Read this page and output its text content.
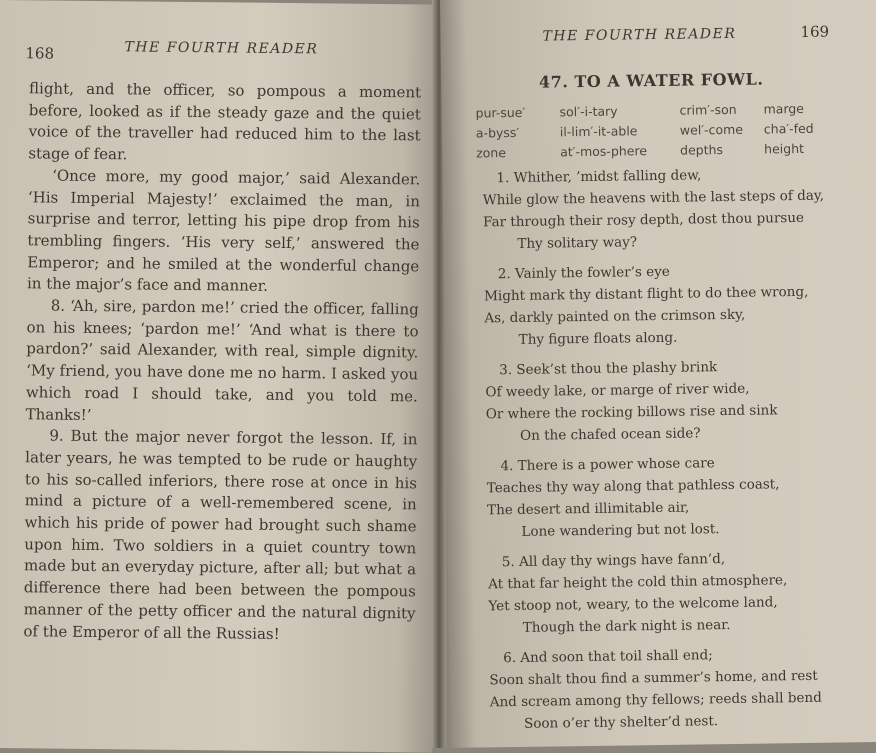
168	THE FOURTH READER

flight, and the officer, so pompous a moment before, looked as if the steady gaze and the quiet voice of the traveller had reduced him to the last stage of fear.

‘Once more, my good major,’ said Alexander. ‘His Imperial Majesty!’ exclaimed the man, in surprise and terror, letting his pipe drop from his trembling fingers. ‘His very self,’ answered the Emperor; and he smiled at the wonderful change in the major’s face and manner.

8. ‘Ah, sire, pardon me!’ cried the officer, falling on his knees; ‘pardon me!’ ‘And what is there to pardon?’ said Alexander, with real, simple dignity. ‘My friend, you have done me no harm. I asked you which road I should take, and you told me. Thanks!’

9. But the major never forgot the lesson. If, in later years, he was tempted to be rude or haughty to his so-called inferiors, there rose at once in his mind a picture of a well-remembered scene, in which his pride of power had brought such shame upon him. Two soldiers in a quiet country town made but an everyday picture, after all; but what a difference there had been between the pompous manner of the petty officer and the natural dignity of the Emperor of all the Russias!

THE FOURTH READER	169
47. TO A WATER FOWL.
pur-sue′
a-byss′
zone
sol′-i-tary
il-lim′-it-able
at′-mos-phere
crim′-son
wel′-come
depths
marge
cha′-fed
height
1. Whither, ’midst falling dew,
While glow the heavens with the last steps of day,
Far through their rosy depth, dost thou pursue
Thy solitary way?
2. Vainly the fowler’s eye
Might mark thy distant flight to do thee wrong,
As, darkly painted on the crimson sky,
Thy figure floats along.
3. Seek’st thou the plashy brink
Of weedy lake, or marge of river wide,
Or where the rocking billows rise and sink
On the chafed ocean side?
4. There is a power whose care
Teaches thy way along that pathless coast,
The desert and illimitable air,
Lone wandering but not lost.
5. All day thy wings have fann’d,
At that far height the cold thin atmosphere,
Yet stoop not, weary, to the welcome land,
Though the dark night is near.
6. And soon that toil shall end;
Soon shalt thou find a summer’s home, and rest
And scream among thy fellows; reeds shall bend
Soon o’er thy shelter’d nest.
